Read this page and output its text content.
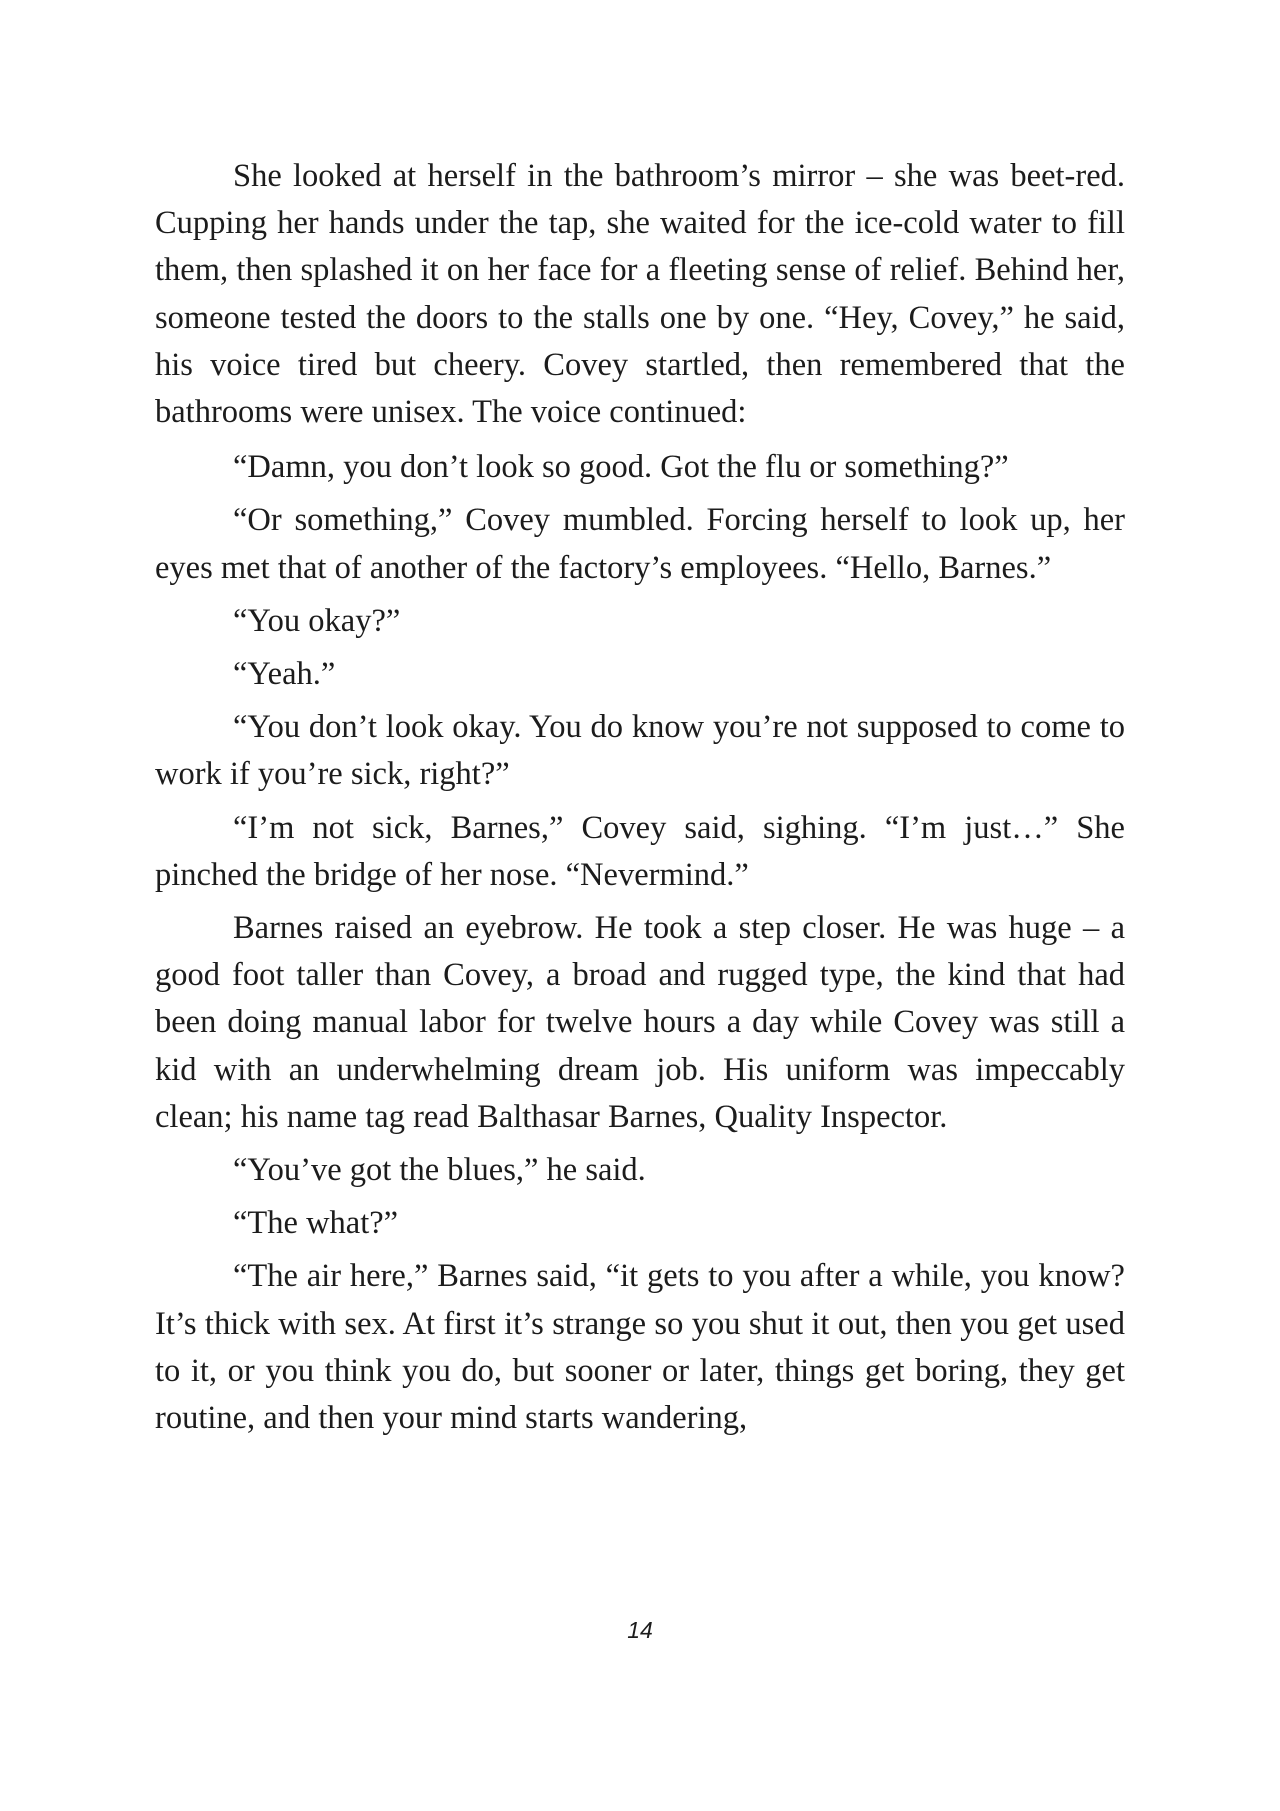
She looked at herself in the bathroom’s mirror – she was beet-red. Cupping her hands under the tap, she waited for the ice-cold water to fill them, then splashed it on her face for a fleeting sense of relief. Behind her, someone tested the doors to the stalls one by one. “Hey, Covey,” he said, his voice tired but cheery. Covey startled, then remembered that the bathrooms were unisex. The voice continued:

“Damn, you don’t look so good. Got the flu or something?”

“Or something,” Covey mumbled. Forcing herself to look up, her eyes met that of another of the factory’s employees. “Hello, Barnes.”

“You okay?”

“Yeah.”

“You don’t look okay. You do know you’re not supposed to come to work if you’re sick, right?”

“I’m not sick, Barnes,” Covey said, sighing. “I’m just…” She pinched the bridge of her nose. “Nevermind.”

Barnes raised an eyebrow. He took a step closer. He was huge – a good foot taller than Covey, a broad and rugged type, the kind that had been doing manual labor for twelve hours a day while Covey was still a kid with an underwhelming dream job. His uniform was impeccably clean; his name tag read Balthasar Barnes, Quality Inspector.

“You’ve got the blues,” he said.

“The what?”

“The air here,” Barnes said, “it gets to you after a while, you know? It’s thick with sex. At first it’s strange so you shut it out, then you get used to it, or you think you do, but sooner or later, things get boring, they get routine, and then your mind starts wandering,

14
